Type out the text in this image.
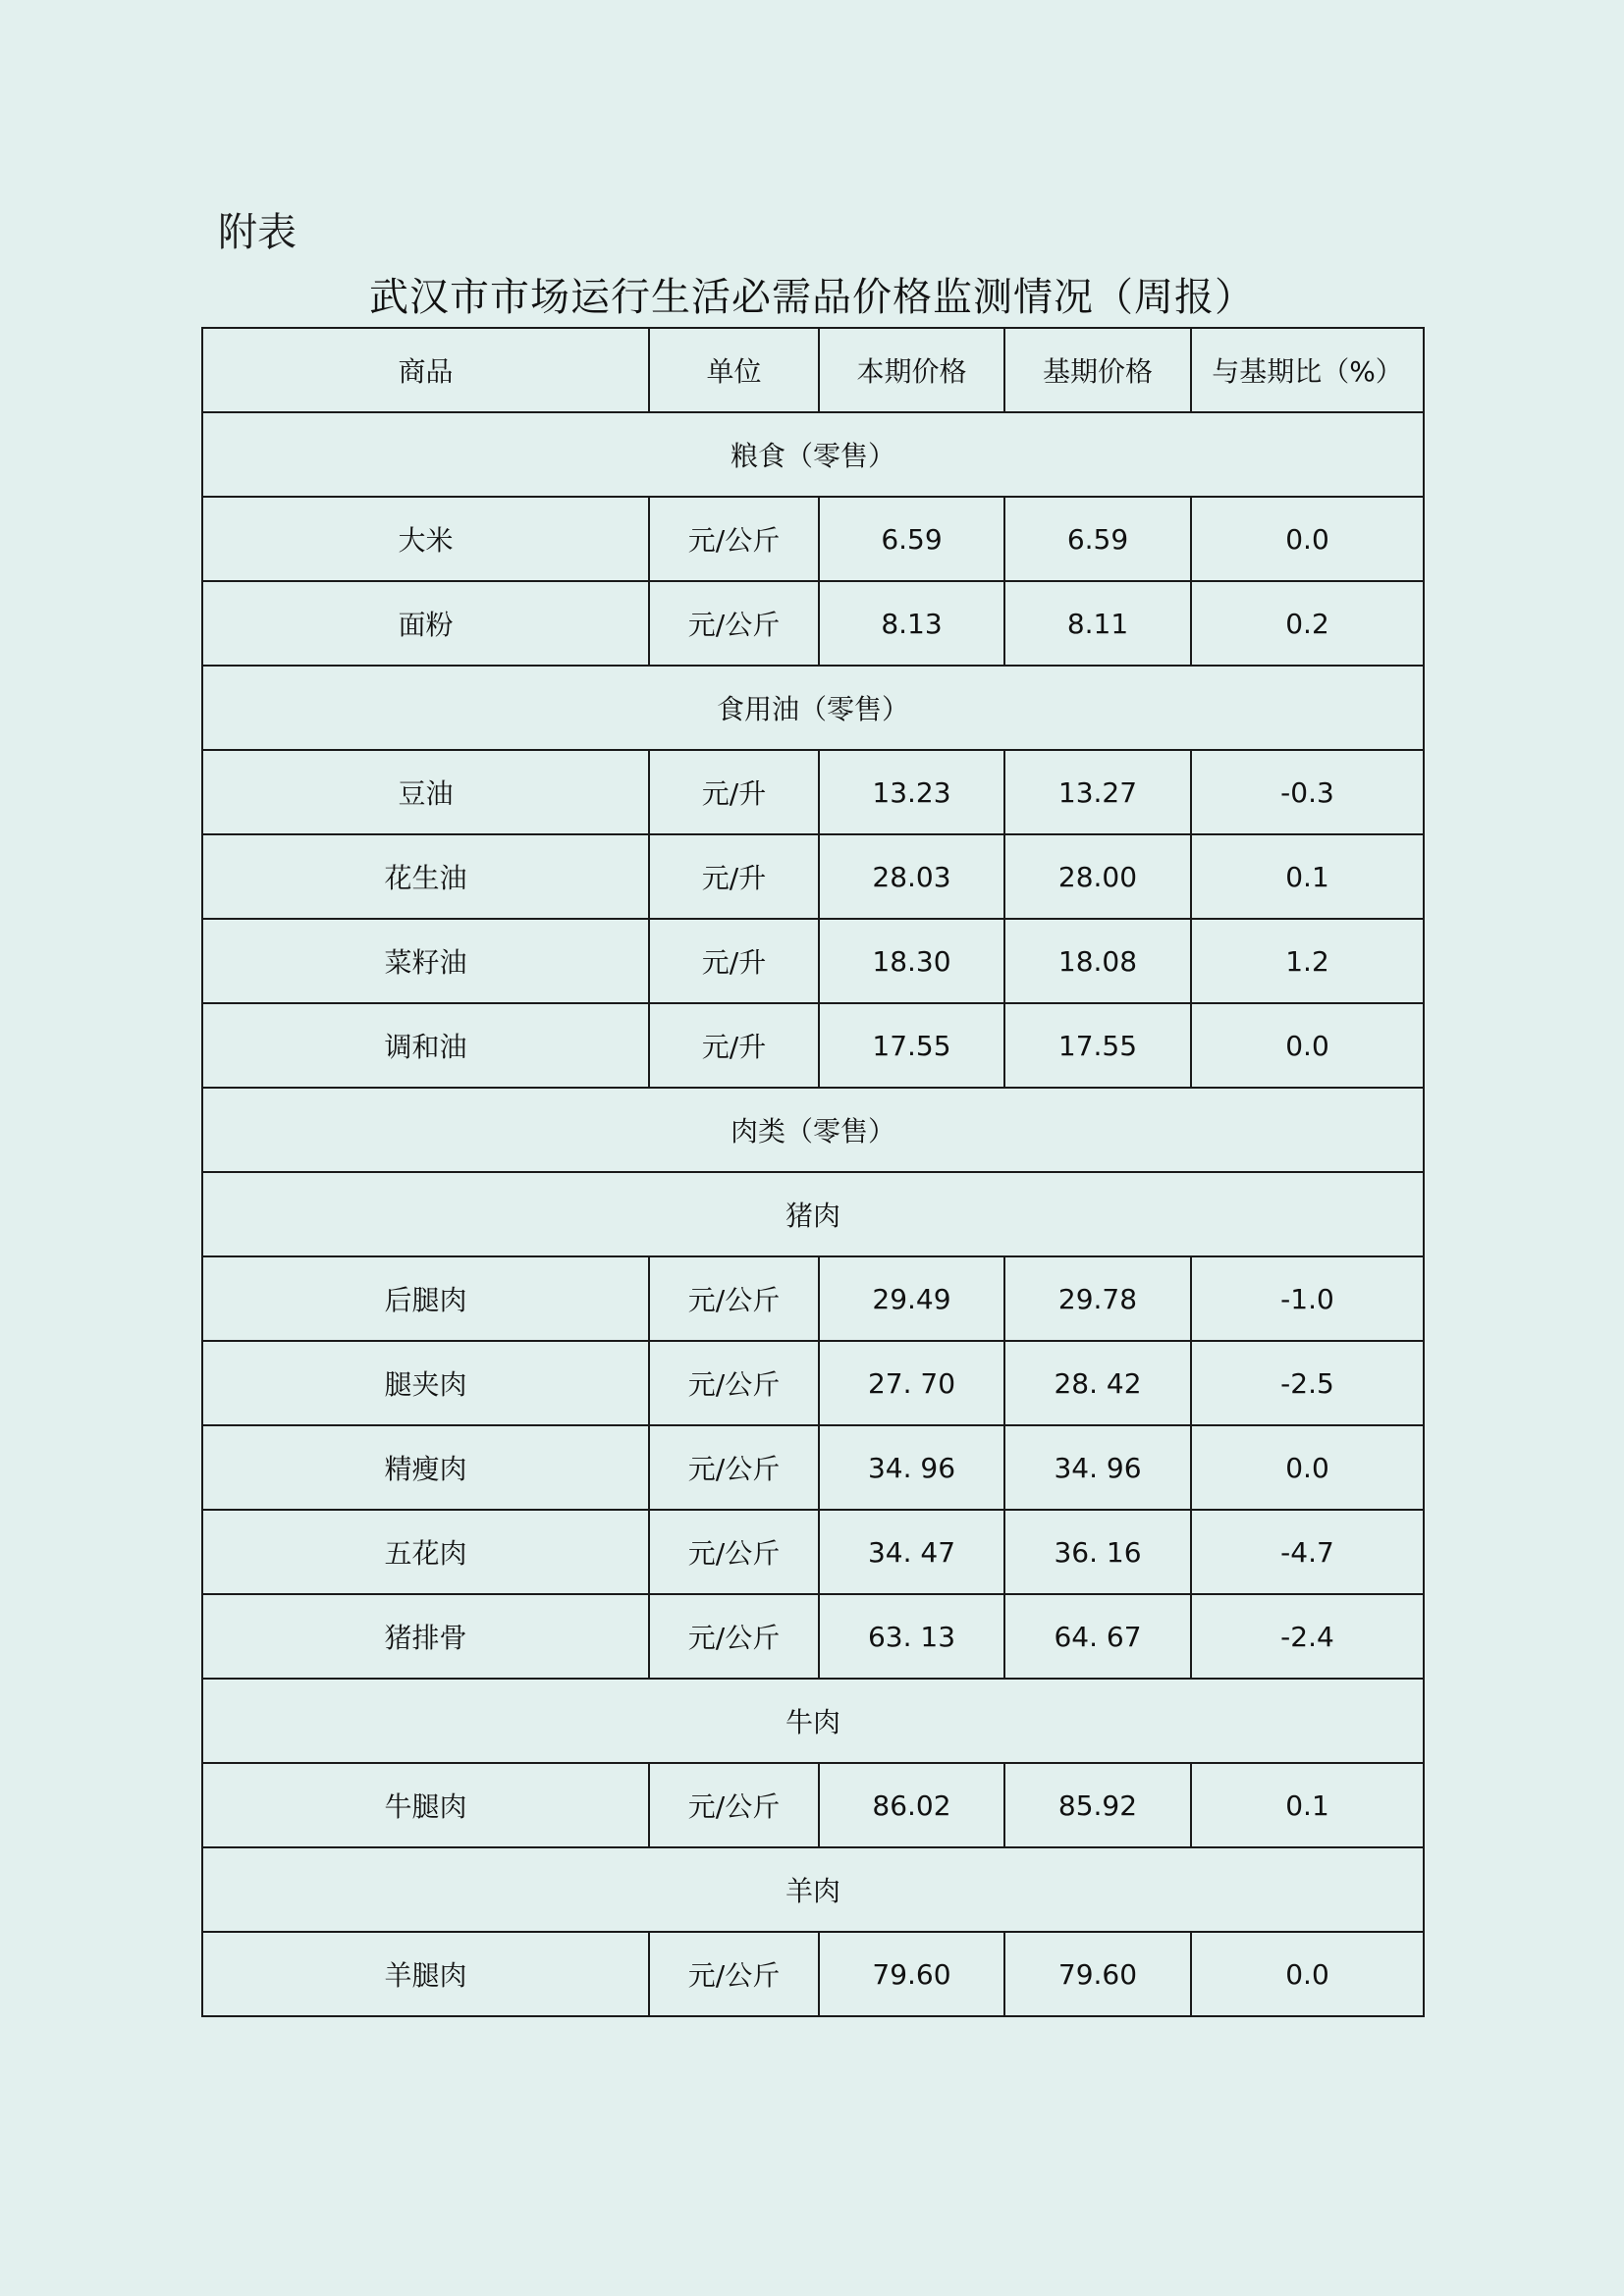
附表
武汉市市场运行生活必需品价格监测情况（周报）
商品	单位	本期价格	基期价格	与基期比（%）
粮食（零售）				
大米	元/公斤	6.59	6.59	0.0
面粉	元/公斤	8.13	8.11	0.2
食用油（零售）				
豆油	元/升	13.23	13.27	-0.3
花生油	元/升	28.03	28.00	0.1
菜籽油	元/升	18.30	18.08	1.2
调和油	元/升	17.55	17.55	0.0
肉类（零售）				
猪肉				
后腿肉	元/公斤	29.49	29.78	-1.0
腿夹肉	元/公斤	27. 70	28. 42	-2.5
精瘦肉	元/公斤	34. 96	34. 96	0.0
五花肉	元/公斤	34. 47	36. 16	-4.7
猪排骨	元/公斤	63. 13	64. 67	-2.4
牛肉				
牛腿肉	元/公斤	86.02	85.92	0.1
羊肉				
羊腿肉	元/公斤	79.60	79.60	0.0
